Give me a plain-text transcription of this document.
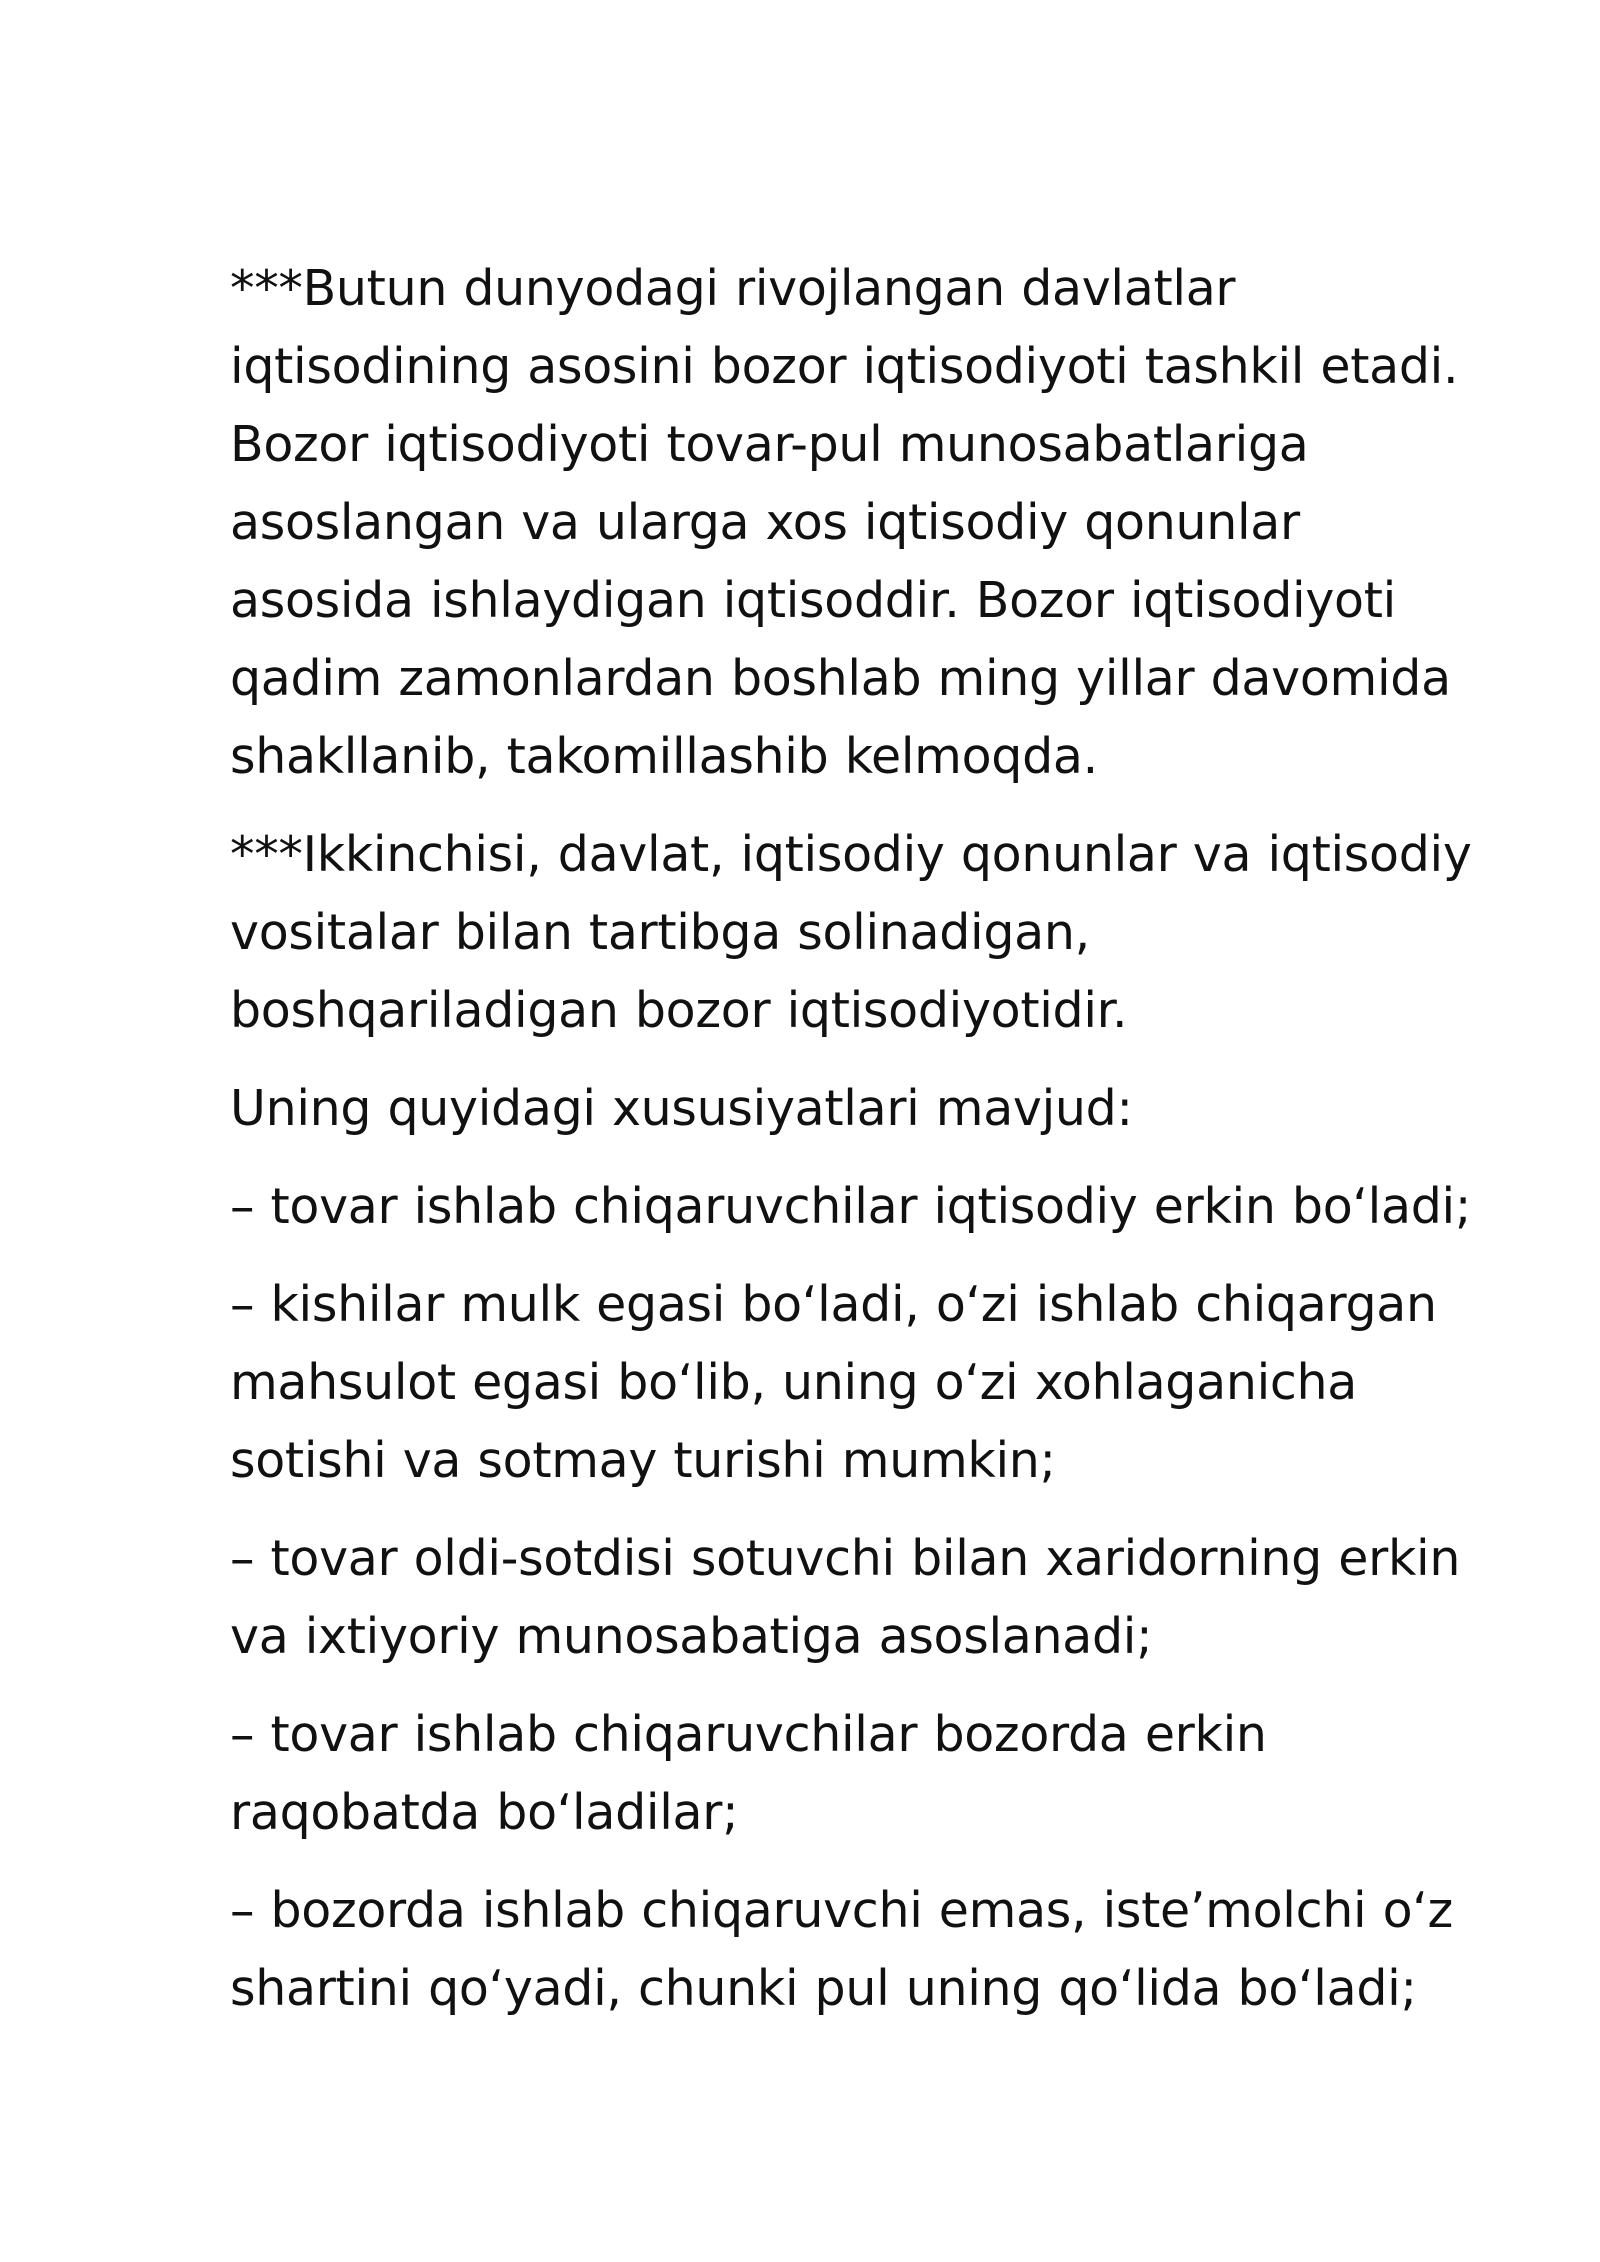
***Butun dunyodagi rivojlangan davlatlar iqtisodining asosini bozor iqtisodiyoti tashkil etadi. Bozor iqtisodiyoti tovar-pul munosabatlariga asoslangan va ularga xos iqtisodiy qonunlar asosida ishlaydigan iqtisoddir. Bozor iqtisodiyoti qadim zamonlardan boshlab ming yillar davomida shakllanib, takomillashib kelmoqda.

***Ikkinchisi, davlat, iqtisodiy qonunlar va iqtisodiy vositalar bilan tartibga solinadigan, boshqariladigan bozor iqtisodiyotidir.

Uning quyidagi xususiyatlari mavjud:

– tovar ishlab chiqaruvchilar iqtisodiy erkin bo‘ladi;

– kishilar mulk egasi bo‘ladi, o‘zi ishlab chiqargan mahsulot egasi bo‘lib, uning o‘zi xohlaganicha sotishi va sotmay turishi mumkin;

– tovar oldi-sotdisi sotuvchi bilan xaridorning erkin va ixtiyoriy munosabatiga asoslanadi;

– tovar ishlab chiqaruvchilar bozorda erkin raqobatda bo‘ladilar;

– bozorda ishlab chiqaruvchi emas, iste’molchi o‘z shartini qo‘yadi, chunki pul uning qo‘lida bo‘ladi;
